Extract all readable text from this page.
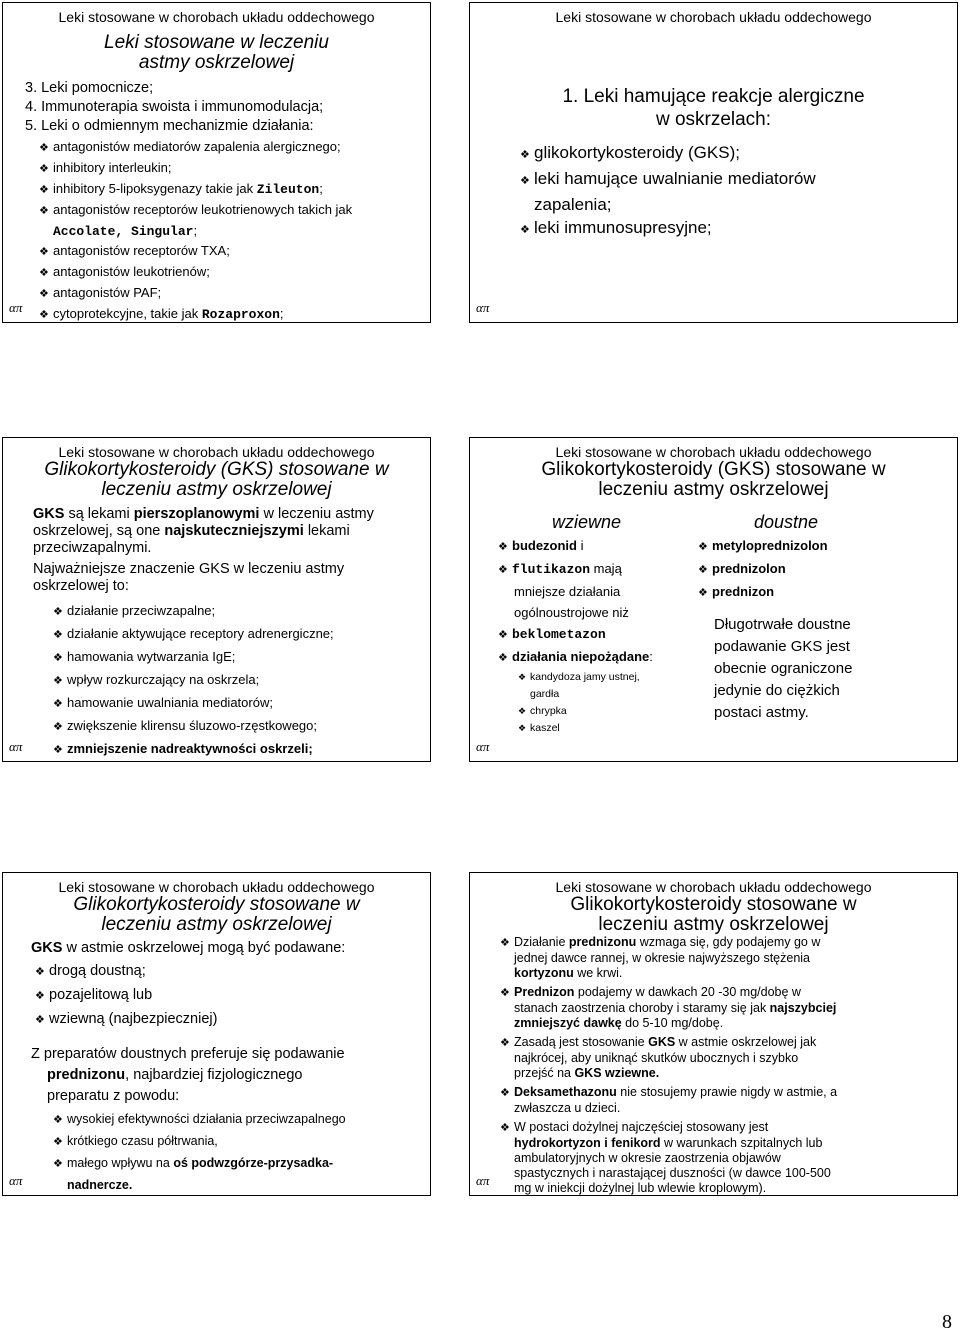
Leki stosowane w chorobach układu oddechowego
Leki stosowane w leczeniu
astmy oskrzelowej
3. Leki pomocnicze;
4. Immunoterapia swoista i immunomodulacja;
5. Leki o odmiennym mechanizmie działania:
❖ antagonistów mediatorów zapalenia alergicznego;
❖ inhibitory interleukin;
❖ inhibitory 5-lipoksygenazy takie jak Zileuton;
❖ antagonistów receptorów leukotrienowych takich jak
Accolate, Singular;
❖ antagonistów receptorów TXA;
❖ antagonistów leukotrienów;
❖ antagonistów PAF;
❖ cytoprotekcyjne, takie jak Rozaproxon;
απ
Leki stosowane w chorobach układu oddechowego
1. Leki hamujące reakcje alergiczne
w oskrzelach:
❖ glikokortykosteroidy (GKS);
❖ leki hamujące uwalnianie mediatorów
zapalenia;
❖ leki immunosupresyjne;
απ
Leki stosowane w chorobach układu oddechowego
Glikokortykosteroidy (GKS) stosowane w
leczeniu astmy oskrzelowej
GKS są lekami pierszoplanowymi w leczeniu astmy
oskrzelowej, są one najskuteczniejszymi lekami
przeciwzapalnymi.
Najważniejsze znaczenie GKS w leczeniu astmy
oskrzelowej to:
❖ działanie przeciwzapalne;
❖ działanie aktywujące receptory adrenergiczne;
❖ hamowania wytwarzania IgE;
❖ wpływ rozkurczający na oskrzela;
❖ hamowanie uwalniania mediatorów;
❖ zwiększenie klirensu śluzowo-rzęstkowego;
❖ zmniejszenie nadreaktywności oskrzeli;
απ
Leki stosowane w chorobach układu oddechowego
Glikokortykosteroidy (GKS) stosowane w
leczeniu astmy oskrzelowej
wziewne
❖ budezonid i
❖ flutikazon mają
mniejsze działania
ogólnoustrojowe niż
❖ beklometazon
❖ działania niepożądane:
❖ kandydoza jamy ustnej,
gardła
❖ chrypka
❖ kaszel
doustne
❖ metyloprednizolon
❖ prednizolon
❖ prednizon
Długotrwałe doustne
podawanie GKS jest
obecnie ograniczone
jedynie do ciężkich
postaci astmy.
απ
Leki stosowane w chorobach układu oddechowego
Glikokortykosteroidy stosowane w
leczeniu astmy oskrzelowej
GKS w astmie oskrzelowej mogą być podawane:
❖ drogą doustną;
❖ pozajelitową lub
❖ wziewną (najbezpieczniej)
Z preparatów doustnych preferuje się podawanie
prednizonu, najbardziej fizjologicznego
preparatu z powodu:
❖ wysokiej efektywności działania przeciwzapalnego
❖ krótkiego czasu półtrwania,
❖ małego wpływu na oś podwzgórze-przysadka-
nadnercze.
απ
Leki stosowane w chorobach układu oddechowego
Glikokortykosteroidy stosowane w
leczeniu astmy oskrzelowej
❖ Działanie prednizonu wzmaga się, gdy podajemy go w
jednej dawce rannej, w okresie najwyższego stężenia
kortyzonu we krwi.
❖ Prednizon podajemy w dawkach 20 -30 mg/dobę w
stanach zaostrzenia choroby i staramy się jak najszybciej
zmniejszyć dawkę do 5-10 mg/dobę.
❖ Zasadą jest stosowanie GKS w astmie oskrzelowej jak
najkrócej, aby uniknąć skutków ubocznych i szybko
przejść na GKS wziewne.
❖ Deksamethazonu nie stosujemy prawie nigdy w astmie, a
zwłaszcza u dzieci.
❖ W postaci dożylnej najczęściej stosowany jest
hydrokortyzon i fenikord w warunkach szpitalnych lub
ambulatoryjnych w okresie zaostrzenia objawów
spastycznych i narastającej duszności (w dawce 100-500
mg w iniekcji dożylnej lub wlewie kroplowym).
απ
8
